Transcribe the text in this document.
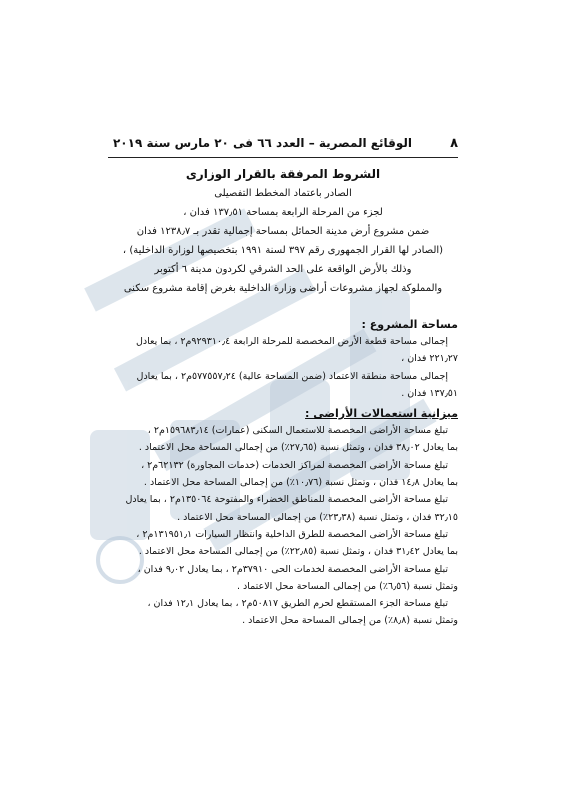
٨
الوقائع المصرية – العدد ٦٦ فى ٢٠ مارس سنة ٢٠١٩
الشروط المرفقة بالقرار الوزارى
الصادر باعتماد المخطط التفصيلى
لجزء من المرحلة الرابعة بمساحة ١٣٧٫٥١ فدان ،
ضمن مشروع أرض مدينة الحمائل بمساحة إجمالية تقدر بـ ١٢٣٨٫٧ فدان
(الصادر لها القرار الجمهورى رقم ٣٩٧ لسنة ١٩٩١ بتخصيصها لوزارة الداخلية) ،
وذلك بالأرض الواقعة على الحد الشرقي لكردون مدينة ٦ أكتوبر
والمملوكة لجهاز مشروعات أراضى وزارة الداخلية بغرض إقامة مشروع سكنى
مساحة المشروع :
إجمالى مساحة قطعة الأرض المخصصة للمرحلة الرابعة ٩٢٩٣١٠٫٤م٢ ، بما يعادل
٢٢١٫٢٧ فدان ،
إجمالى مساحة منطقة الاعتماد (ضمن المساحة عالية) ٥٧٧٥٥٧٫٢٤م٢ ، بما يعادل
١٣٧٫٥١ فدان .
ميزانية استعمالات الأراضى :
تبلغ مساحة الأراضى المخصصة للاستعمال السكنى (عمارات) ١٥٩٦٨٣٫١٤م٢ ،
بما يعادل ٣٨٫٠٢ فدان ، وتمثل نسبة (٢٧٫٦٥٪) من إجمالى المساحة محل الاعتماد .
تبلغ مساحة الأراضى المخصصة لمراكز الخدمات (خدمات المجاورة) ٦٢١٣٢م٢ ،
بما يعادل ١٤٫٨ فدان ، وتمثل نسبة (١٠٫٧٦٪) من إجمالى المساحة محل الاعتماد .
تبلغ مساحة الأراضى المخصصة للمناطق الخضراء والمفتوحة ١٣٥٠٦٤م٢ ، بما يعادل
٣٢٫١٥ فدان ، وتمثل نسبة (٢٣٫٣٨٪) من إجمالى المساحة محل الاعتماد .
تبلغ مساحة الأراضى المخصصة للطرق الداخلية وانتظار السيارات ١٣١٩٥١٫١م٢ ،
بما يعادل ٣١٫٤٢ فدان ، وتمثل نسبة (٢٢٫٨٥٪) من إجمالى المساحة محل الاعتماد .
تبلغ مساحة الأراضى المخصصة لخدمات الحى ٣٧٩١٠م٢ ، بما يعادل ٩٫٠٢ فدان ،
وتمثل نسبة (٦٫٥٦٪) من إجمالى المساحة محل الاعتماد .
تبلغ مساحة الجزء المستقطع لحرم الطريق ٥٠٨١٧م٢ ، بما يعادل ١٢٫١ فدان ،
وتمثل نسبة (٨٫٨٪) من إجمالى المساحة محل الاعتماد .
